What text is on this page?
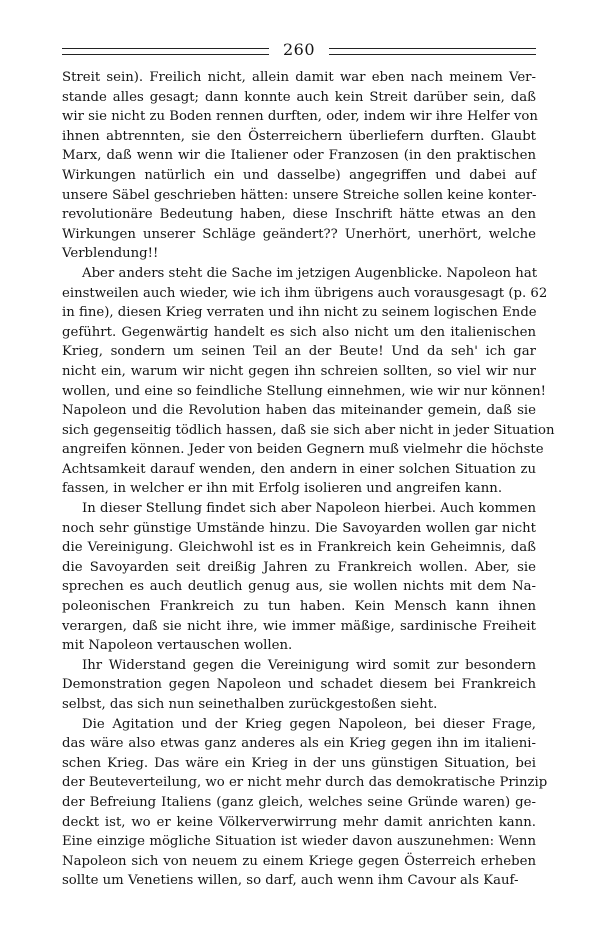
260
Streit sein). Freilich nicht, allein damit war eben nach meinem Ver-
stande alles gesagt; dann konnte auch kein Streit darüber sein, daß
wir sie nicht zu Boden rennen durften, oder, indem wir ihre Helfer von
ihnen abtrennten, sie den Österreichern überliefern durften. Glaubt
Marx, daß wenn wir die Italiener oder Franzosen (in den praktischen
Wirkungen natürlich ein und dasselbe) angegriffen und dabei auf
unsere Säbel geschrieben hätten: unsere Streiche sollen keine konter-
revolutionäre Bedeutung haben, diese Inschrift hätte etwas an den
Wirkungen unserer Schläge geändert?? Unerhört, unerhört, welche
Verblendung!!
Aber anders steht die Sache im jetzigen Augenblicke. Napoleon hat
einstweilen auch wieder, wie ich ihm übrigens auch vorausgesagt (p. 62
in fine), diesen Krieg verraten und ihn nicht zu seinem logischen Ende
geführt. Gegenwärtig handelt es sich also nicht um den italienischen
Krieg, sondern um seinen Teil an der Beute! Und da seh' ich gar
nicht ein, warum wir nicht gegen ihn schreien sollten, so viel wir nur
wollen, und eine so feindliche Stellung einnehmen, wie wir nur können!
Napoleon und die Revolution haben das miteinander gemein, daß sie
sich gegenseitig tödlich hassen, daß sie sich aber nicht in jeder Situation
angreifen können. Jeder von beiden Gegnern muß vielmehr die höchste
Achtsamkeit darauf wenden, den andern in einer solchen Situation zu
fassen, in welcher er ihn mit Erfolg isolieren und angreifen kann.
In dieser Stellung findet sich aber Napoleon hierbei. Auch kommen
noch sehr günstige Umstände hinzu. Die Savoyarden wollen gar nicht
die Vereinigung. Gleichwohl ist es in Frankreich kein Geheimnis, daß
die Savoyarden seit dreißig Jahren zu Frankreich wollen. Aber, sie
sprechen es auch deutlich genug aus, sie wollen nichts mit dem Na-
poleonischen Frankreich zu tun haben. Kein Mensch kann ihnen
verargen, daß sie nicht ihre, wie immer mäßige, sardinische Freiheit
mit Napoleon vertauschen wollen.
Ihr Widerstand gegen die Vereinigung wird somit zur besondern
Demonstration gegen Napoleon und schadet diesem bei Frankreich
selbst, das sich nun seinethalben zurückgestoßen sieht.
Die Agitation und der Krieg gegen Napoleon, bei dieser Frage,
das wäre also etwas ganz anderes als ein Krieg gegen ihn im italieni-
schen Krieg. Das wäre ein Krieg in der uns günstigen Situation, bei
der Beuteverteilung, wo er nicht mehr durch das demokratische Prinzip
der Befreiung Italiens (ganz gleich, welches seine Gründe waren) ge-
deckt ist, wo er keine Völkerverwirrung mehr damit anrichten kann.
Eine einzige mögliche Situation ist wieder davon auszunehmen: Wenn
Napoleon sich von neuem zu einem Kriege gegen Österreich erheben
sollte um Venetiens willen, so darf, auch wenn ihm Cavour als Kauf-
